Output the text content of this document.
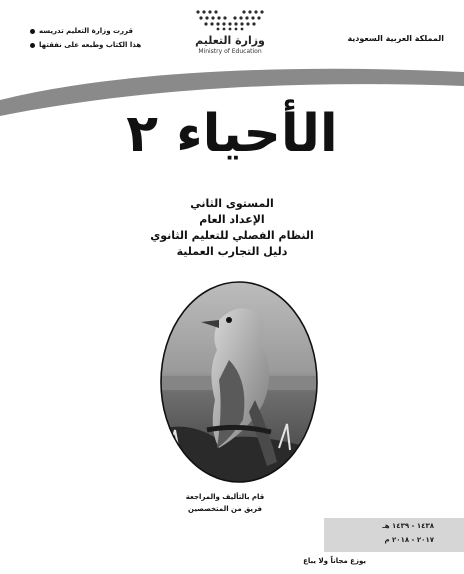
المملكة العربية السعودية
قررت وزارة التعليم تدريسه
هذا الكتاب وطبعه على نفقتها	وزارة التعليم
Ministry of Education
الأحياء ٢
المستوى الثاني
الإعداد العام
النظام الفصلي للتعليم الثانوي
دليل التجارب العملية
قام بالتأليف والمراجعة
فريق من المتخصصين
١٤٣٨ - ١٤٣٩ هـ
٢٠١٧ - ٢٠١٨ م
يوزع مجاناً ولا يباع
